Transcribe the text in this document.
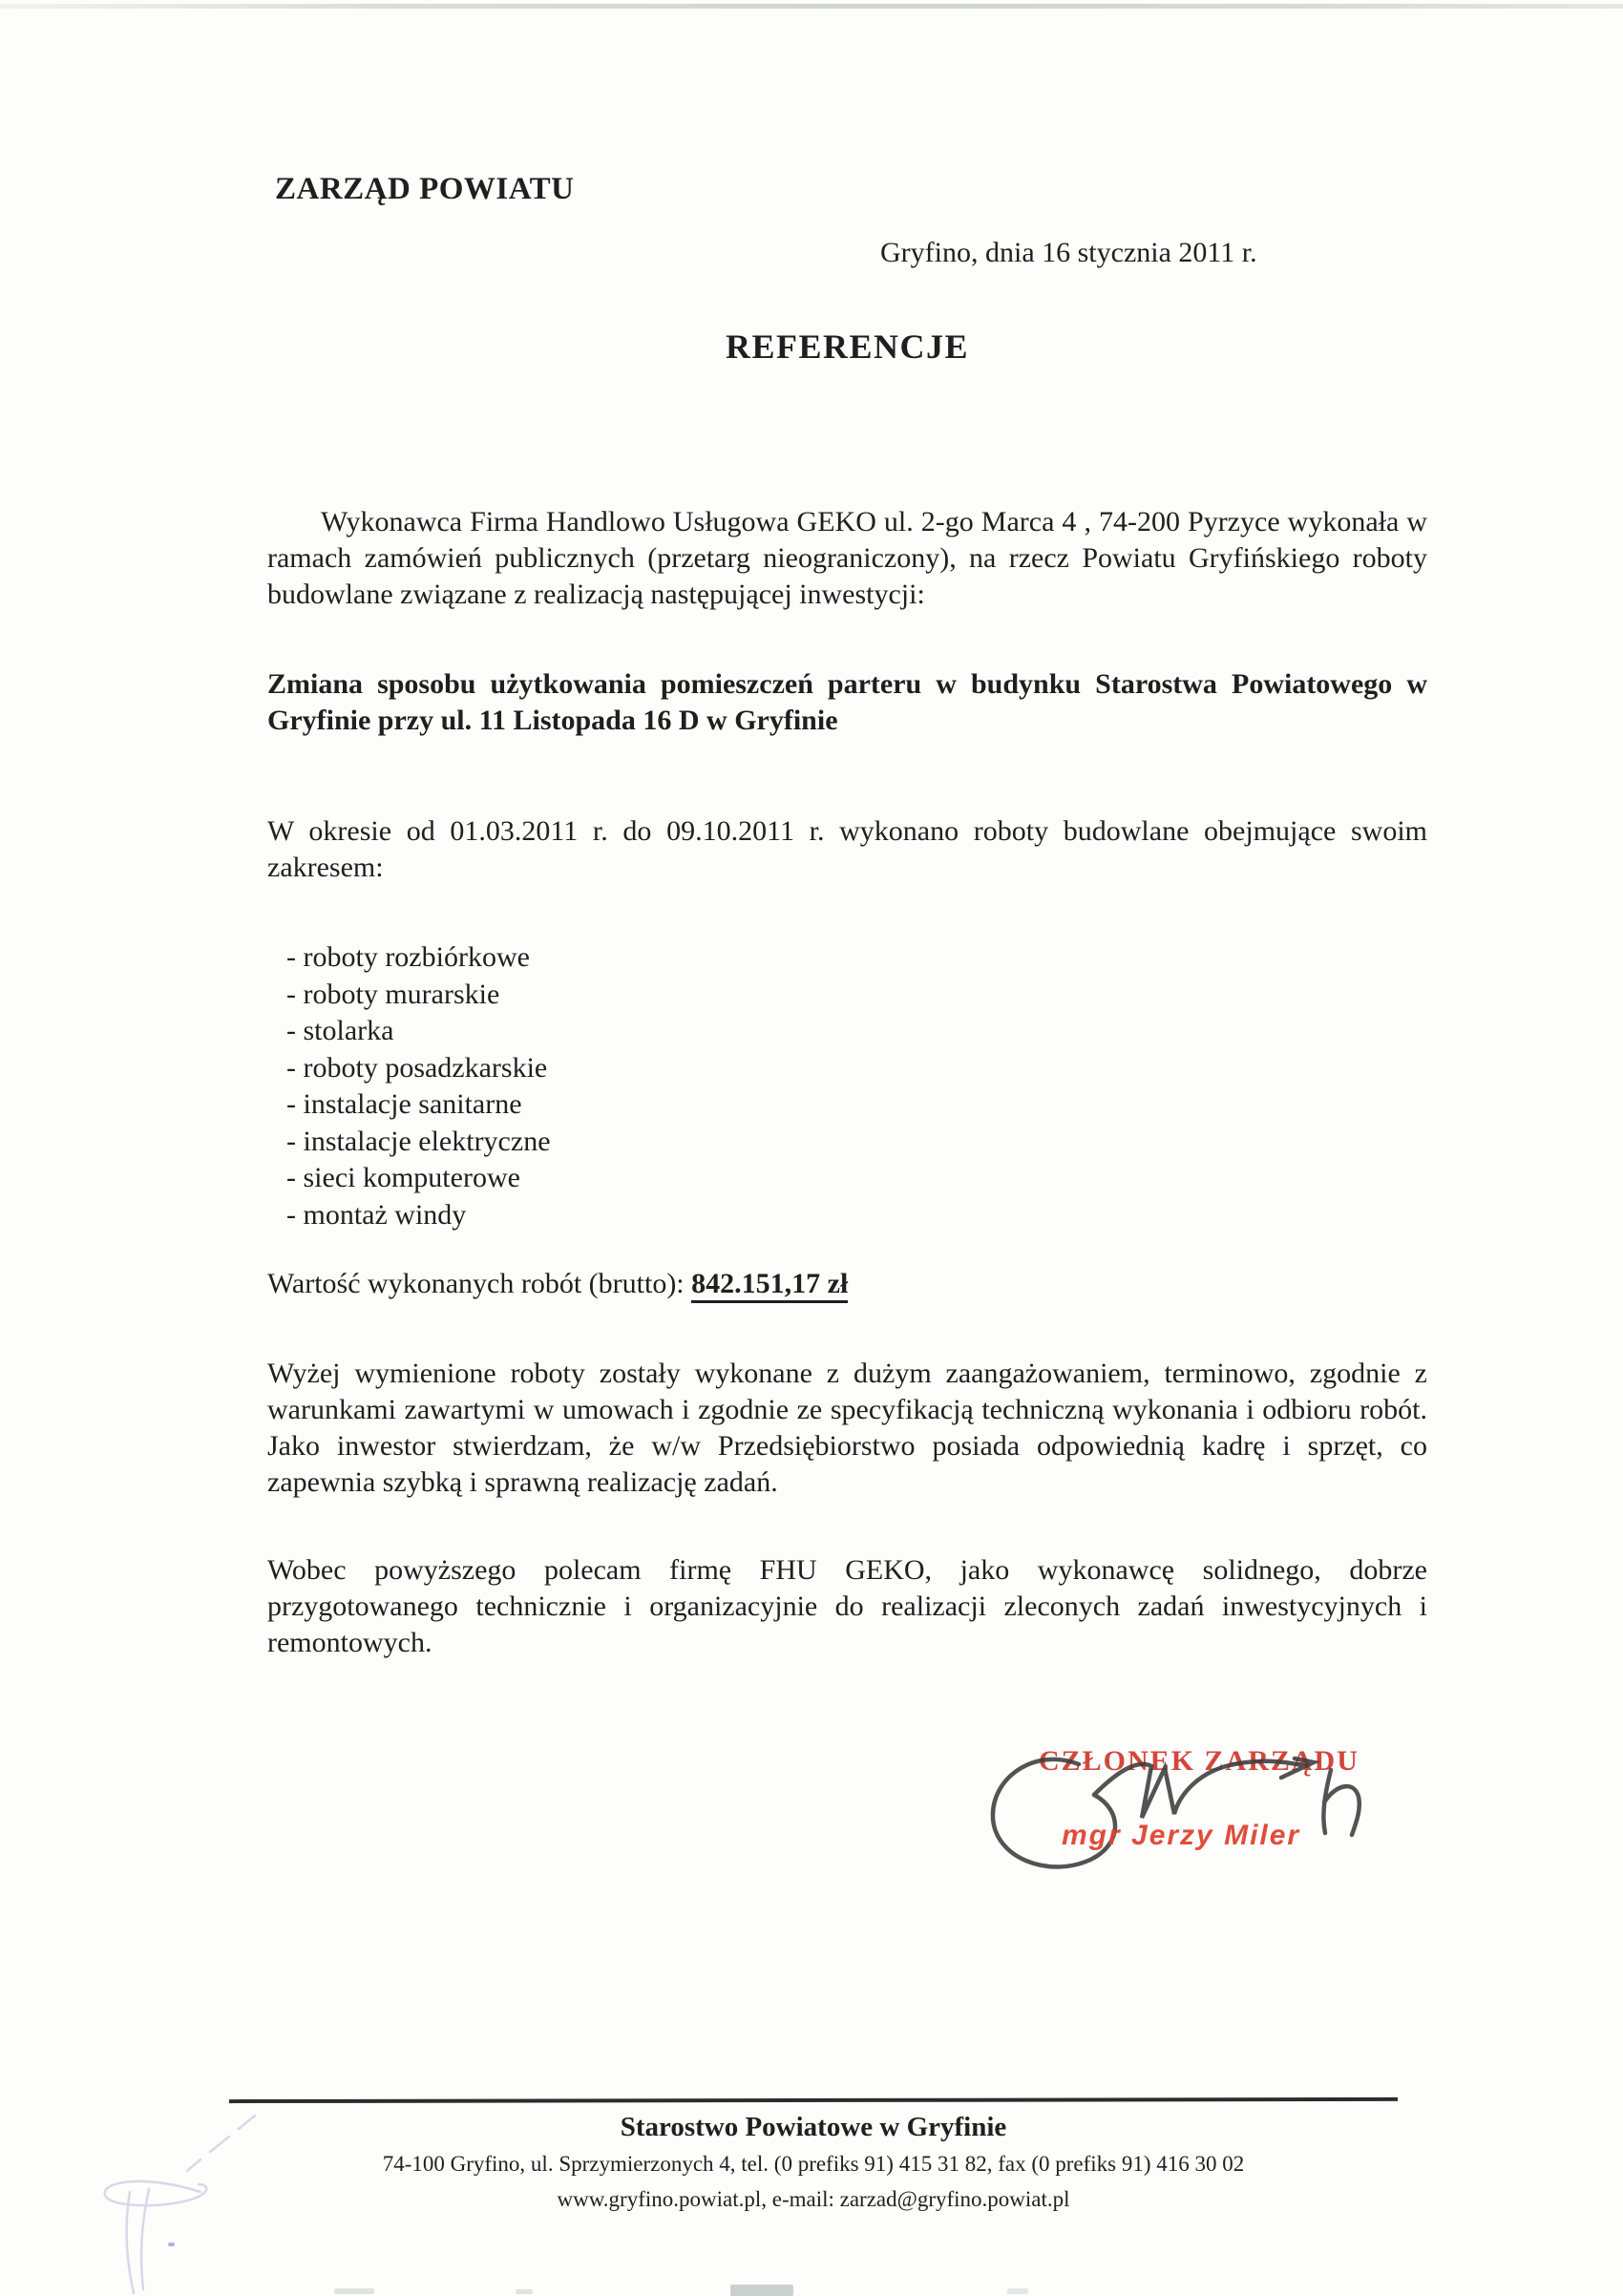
ZARZĄD POWIATU
Gryfino, dnia 16 stycznia 2011 r.
REFERENCJE

Wykonawca Firma Handlowo Usługowa GEKO ul. 2-go Marca 4 , 74-200 Pyrzyce wykonała w ramach zamówień publicznych (przetarg nieograniczony), na rzecz Powiatu Gryfińskiego roboty budowlane związane z realizacją następującej inwestycji:

Zmiana sposobu użytkowania pomieszczeń parteru w budynku Starostwa Powiatowego w Gryfinie przy ul. 11 Listopada 16 D w Gryfinie

W okresie od 01.03.2011 r. do 09.10.2011 r. wykonano roboty budowlane obejmujące swoim zakresem:

- roboty rozbiórkowe
- roboty murarskie
- stolarka
- roboty posadzkarskie
- instalacje sanitarne
- instalacje elektryczne
- sieci komputerowe
- montaż windy
Wartość wykonanych robót (brutto): 842.151,17 zł

Wyżej wymienione roboty zostały wykonane z dużym zaangażowaniem, terminowo, zgodnie z warunkami zawartymi w umowach i zgodnie ze specyfikacją techniczną wykonania i odbioru robót. Jako inwestor stwierdzam, że w/w Przedsiębiorstwo posiada odpowiednią kadrę i sprzęt, co zapewnia szybką i sprawną realizację zadań.

Wobec powyższego polecam firmę FHU GEKO, jako wykonawcę solidnego, dobrze przygotowanego technicznie i organizacyjnie do realizacji zleconych zadań inwestycyjnych i remontowych.

CZŁONEK ZARZĄDU
mgr Jerzy Miler
Starostwo Powiatowe w Gryfinie
74-100 Gryfino, ul. Sprzymierzonych 4, tel. (0 prefiks 91) 415 31 82, fax (0 prefiks 91) 416 30 02
www.gryfino.powiat.pl, e-mail: zarzad@gryfino.powiat.pl
